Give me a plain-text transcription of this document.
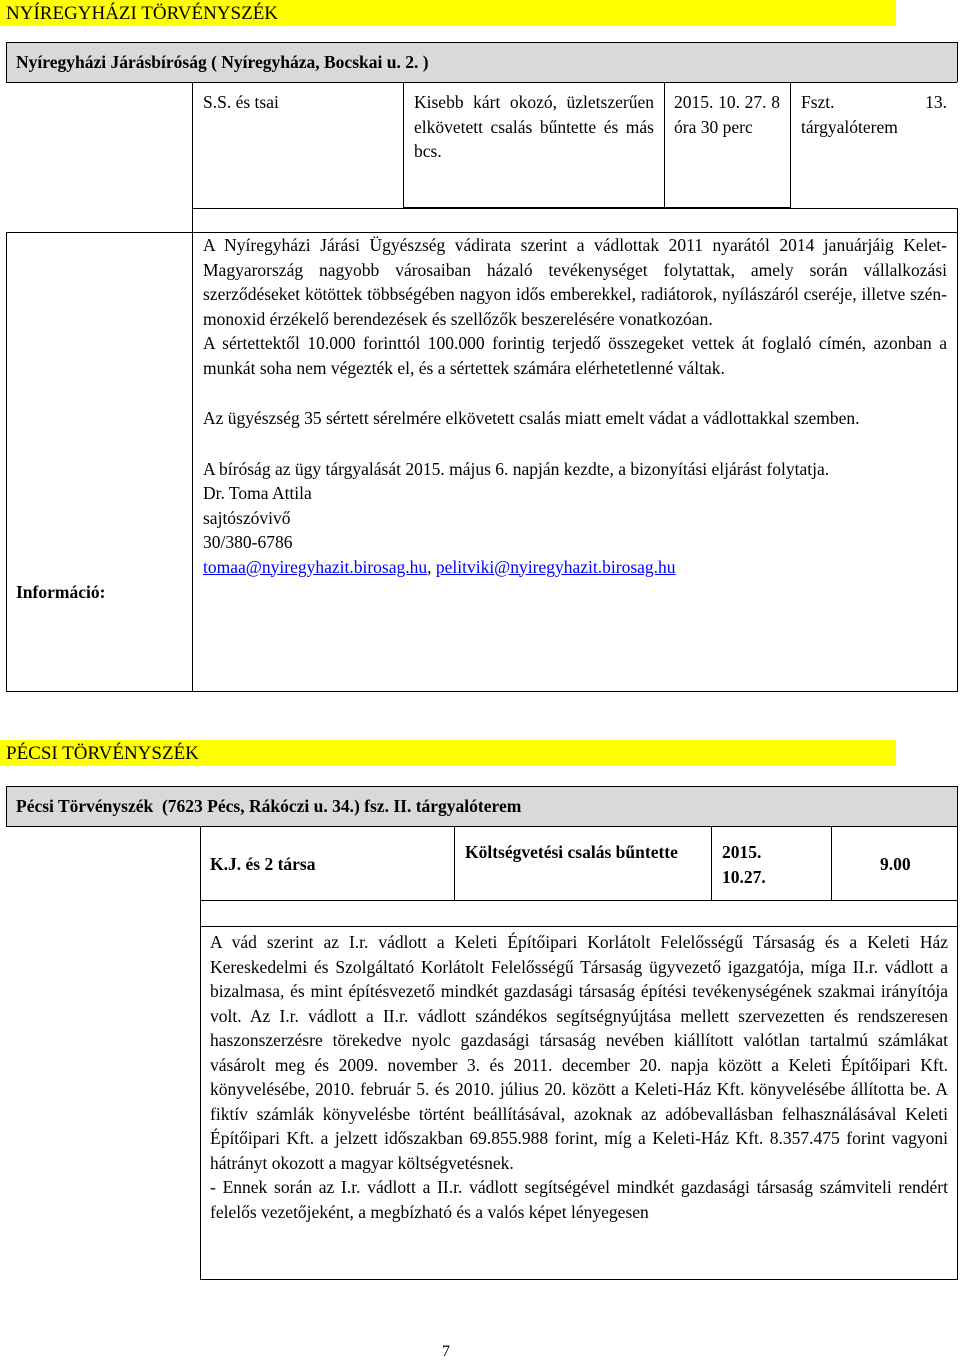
NYÍREGYHÁZI TÖRVÉNYSZÉK
Nyíregyházi Járásbíróság ( Nyíregyháza, Bocskai u. 2. )
S.S. és tsai	Kisebb kárt okozó, üzletszerűen elkövetett csalás bűntette és más bcs.
2015. 10. 27. 8 óra 30 perc
Fszt. 13. tárgyalóterem
Információ:

A Nyíregyházi Járási Ügyészség vádirata szerint a vádlottak 2011 nyarától 2014 januárjáig Kelet-Magyarország nagyobb városaiban házaló tevékenységet folytattak, amely során vállalkozási szerződéseket kötöttek többségében nagyon idős emberekkel, radiátorok, nyílászáról cseréje, illetve szén-monoxid érzékelő berendezések és szellőzők beszerelésére vonatkozóan.

A sértettektől 10.000 forinttól 100.000 forintig terjedő összegeket vettek át foglaló címén, azonban a munkát soha nem végezték el, és a sértettek számára elérhetetlenné váltak.

Az ügyészség 35 sértett sérelmére elkövetett csalás miatt emelt vádat a vádlottakkal szemben.

A bíróság az ügy tárgyalását 2015. május 6. napján kezdte, a bizonyítási eljárást folytatja.

Dr. Toma Attila

sajtószóvivő

30/380-6786

tomaa@nyiregyhazit.birosag.hu, pelitviki@nyiregyhazit.birosag.hu

PÉCSI TÖRVÉNYSZÉK
Pécsi Törvényszék  (7623 Pécs, Rákóczi u. 34.) fsz. II. tárgyalóterem
K.J. és 2 társa
Költségvetési csalás bűntette	2015. 10.27.
9.00

A vád szerint az I.r. vádlott a Keleti Építőipari Korlátolt Felelősségű Társaság és a Keleti Ház Kereskedelmi és Szolgáltató Korlátolt Felelősségű Társaság ügyvezető igazgatója, míga II.r. vádlott a bizalmasa, és mint építésvezető mindkét gazdasági társaság építési tevékenységének szakmai irányítója volt. Az I.r. vádlott a II.r. vádlott szándékos segítségnyújtása mellett szervezetten és rendszeresen haszonszerzésre törekedve nyolc gazdasági társaság nevében kiállított valótlan tartalmú számlákat vásárolt meg és 2009. november 3. és 2011. december 20. napja között a Keleti Építőipari Kft. könyvelésébe, 2010. február 5. és 2010. július 20. között a Keleti-Ház Kft. könyvelésébe állította be. A fiktív számlák könyvelésbe történt beállításával, azoknak az adóbevallásban felhasználásával Keleti Építőipari Kft. a jelzett időszakban 69.855.988 forint, míg a Keleti-Ház Kft. 8.357.475 forint vagyoni hátrányt okozott a magyar költségvetésnek.

- Ennek során az I.r. vádlott a II.r. vádlott segítségével mindkét gazdasági társaság számviteli rendért felelős vezetőjeként, a megbízható és a valós képet lényegesen

7
